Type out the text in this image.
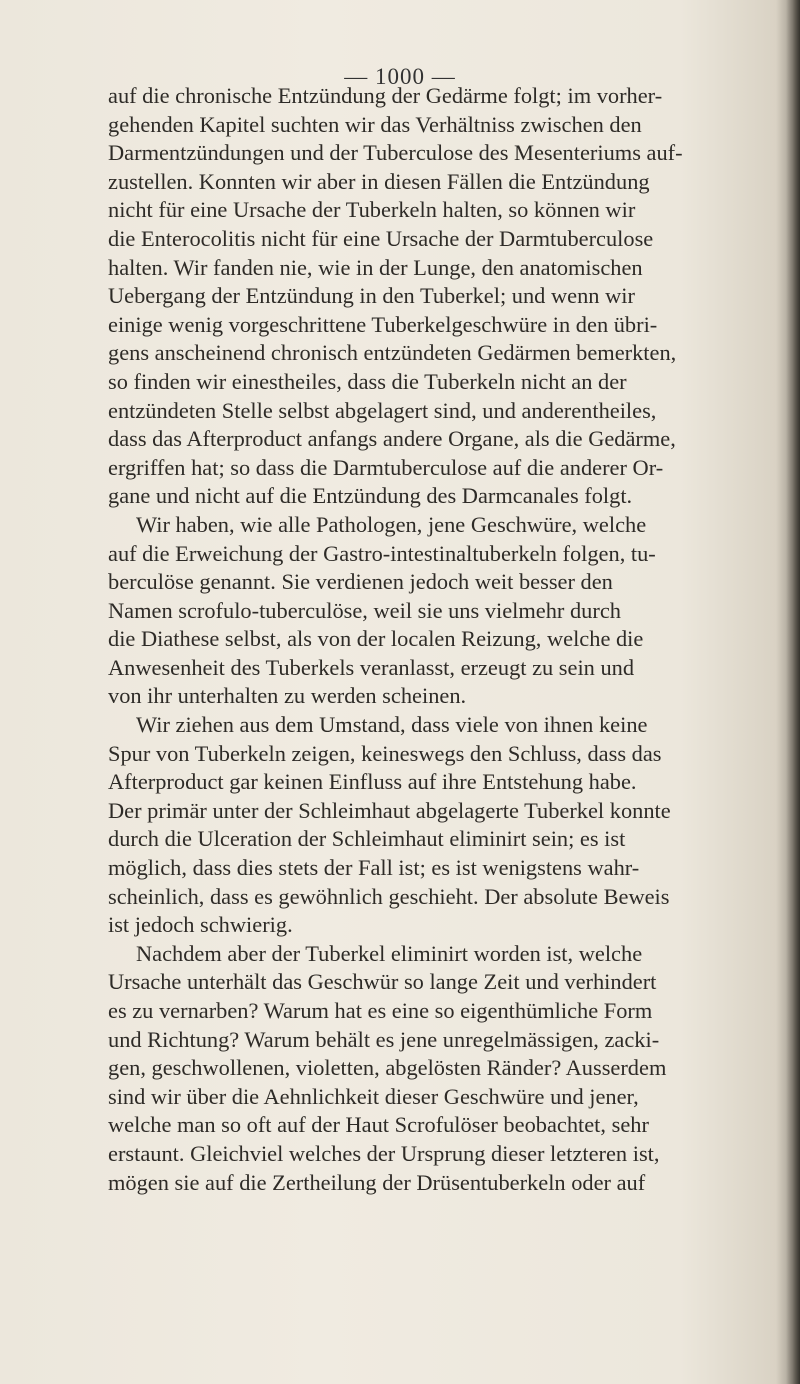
— 1000 —
auf die chronische Entzündung der Gedärme folgt; im vorher-
gehenden Kapitel suchten wir das Verhältniss zwischen den
Darmentzündungen und der Tuberculose des Mesenteriums auf-
zustellen. Konnten wir aber in diesen Fällen die Entzündung
nicht für eine Ursache der Tuberkeln halten, so können wir
die Enterocolitis nicht für eine Ursache der Darmtuberculose
halten. Wir fanden nie, wie in der Lunge, den anatomischen
Uebergang der Entzündung in den Tuberkel; und wenn wir
einige wenig vorgeschrittene Tuberkelgeschwüre in den übri-
gens anscheinend chronisch entzündeten Gedärmen bemerkten,
so finden wir einestheiles, dass die Tuberkeln nicht an der
entzündeten Stelle selbst abgelagert sind, und anderentheiles,
dass das Afterproduct anfangs andere Organe, als die Gedärme,
ergriffen hat; so dass die Darmtuberculose auf die anderer Or-
gane und nicht auf die Entzündung des Darmcanales folgt.
Wir haben, wie alle Pathologen, jene Geschwüre, welche
auf die Erweichung der Gastro-intestinaltuberkeln folgen, tu-
berculöse genannt. Sie verdienen jedoch weit besser den
Namen scrofulo-tuberculöse, weil sie uns vielmehr durch
die Diathese selbst, als von der localen Reizung, welche die
Anwesenheit des Tuberkels veranlasst, erzeugt zu sein und
von ihr unterhalten zu werden scheinen.
Wir ziehen aus dem Umstand, dass viele von ihnen keine
Spur von Tuberkeln zeigen, keineswegs den Schluss, dass das
Afterproduct gar keinen Einfluss auf ihre Entstehung habe.
Der primär unter der Schleimhaut abgelagerte Tuberkel konnte
durch die Ulceration der Schleimhaut eliminirt sein; es ist
möglich, dass dies stets der Fall ist; es ist wenigstens wahr-
scheinlich, dass es gewöhnlich geschieht. Der absolute Beweis
ist jedoch schwierig.
Nachdem aber der Tuberkel eliminirt worden ist, welche
Ursache unterhält das Geschwür so lange Zeit und verhindert
es zu vernarben? Warum hat es eine so eigenthümliche Form
und Richtung? Warum behält es jene unregelmässigen, zacki-
gen, geschwollenen, violetten, abgelösten Ränder? Ausserdem
sind wir über die Aehnlichkeit dieser Geschwüre und jener,
welche man so oft auf der Haut Scrofulöser beobachtet, sehr
erstaunt. Gleichviel welches der Ursprung dieser letzteren ist,
mögen sie auf die Zertheilung der Drüsentuberkeln oder auf
